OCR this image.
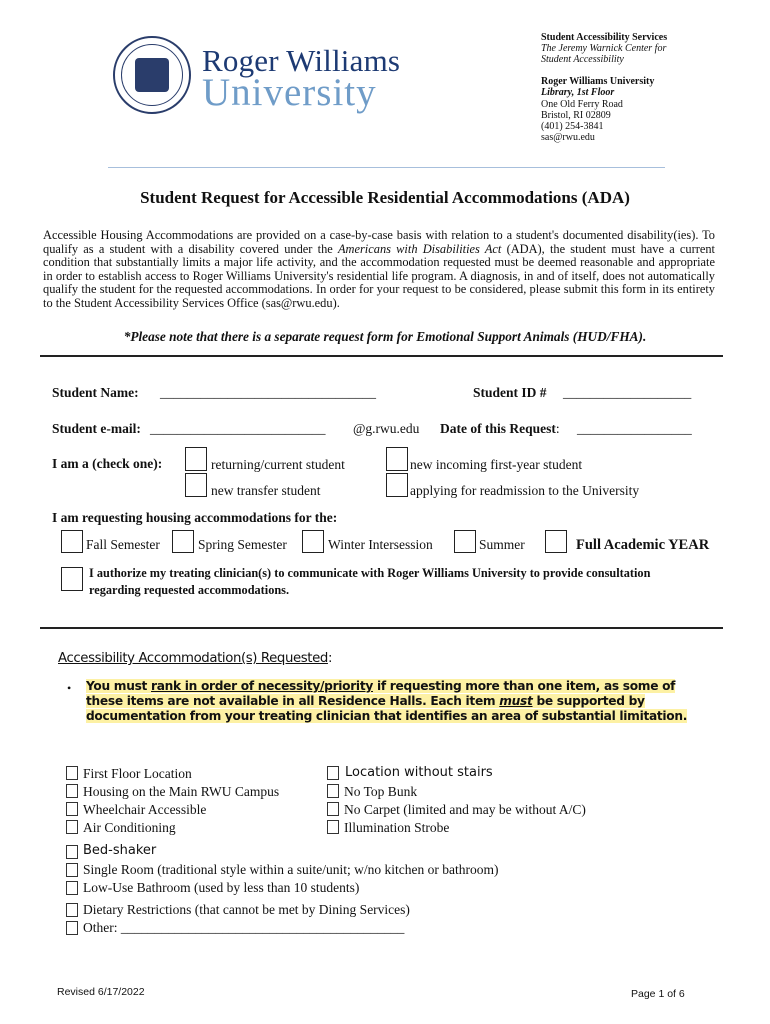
Roger Williams
University
Student Accessibility Services
The Jeremy Warnick Center for
Student Accessibility
Roger Williams University
Library, 1st Floor
One Old Ferry Road
Bristol, RI 02809
(401) 254-3841
sas@rwu.edu
Student Request for Accessible Residential Accommodations (ADA)
Accessible Housing Accommodations are provided on a case-by-case basis with relation to a student's documented disability(ies). To qualify as a student with a disability covered under the Americans with Disabilities Act (ADA), the student must have a current condition that substantially limits a major life activity, and the accommodation requested must be deemed reasonable and appropriate in order to establish access to Roger Williams University's residential life program. A diagnosis, in and of itself, does not automatically qualify the student for the requested accommodations. In order for your request to be considered, please submit this form in its entirety to the Student Accessibility Services Office (sas@rwu.edu).
*Please note that there is a separate request form for Emotional Support Animals (HUD/FHA).
Student Name: ________________________________	Student ID # ___________________
Student e-mail: __________________________ @g.rwu.edu Date of this Request: _________________
I am a (check one):	returning/current student	new incoming first-year student
new transfer student	applying for readmission to the University
I am requesting housing accommodations for the:
Fall Semester	Spring Semester	Winter Intersession	Summer	Full Academic YEAR
I authorize my treating clinician(s) to communicate with Roger Williams University to provide consultation
regarding requested accommodations.
Accessibility Accommodation(s) Requested:
• You must rank in order of necessity/priority if requesting more than one item, as some of these items are not available in all Residence Halls. Each item must be supported by documentation from your treating clinician that identifies an area of substantial limitation.
First Floor Location
Housing on the Main RWU Campus
Wheelchair Accessible
Air Conditioning
Location without stairs
No Top Bunk
No Carpet (limited and may be without A/C)
Illumination Strobe
Bed-shaker
Single Room (traditional style within a suite/unit; w/no kitchen or bathroom)
Low-Use Bathroom (used by less than 10 students)
Dietary Restrictions (that cannot be met by Dining Services)
Other: __________________________________________
Revised 6/17/2022	Page 1 of 6
